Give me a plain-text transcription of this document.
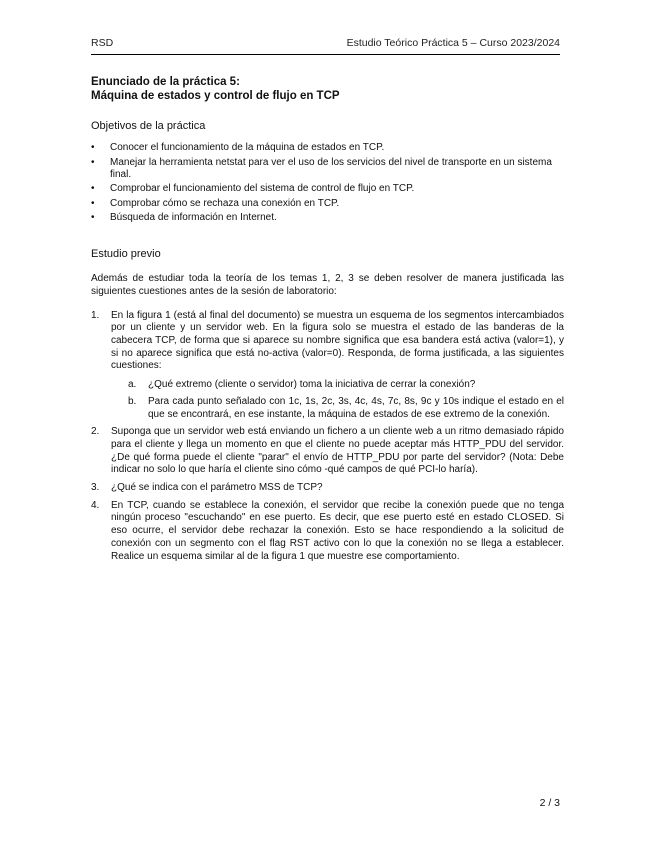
RSD	Estudio Teórico Práctica 5 – Curso 2023/2024
Enunciado de la práctica 5:
Máquina de estados y control de flujo en TCP
Objetivos de la práctica
• Conocer el funcionamiento de la máquina de estados en TCP.
• Manejar la herramienta netstat para ver el uso de los servicios del nivel de transporte en un sistema final.
• Comprobar el funcionamiento del sistema de control de flujo en TCP.
• Comprobar cómo se rechaza una conexión en TCP.
• Búsqueda de información en Internet.
Estudio previo

Además de estudiar toda la teoría de los temas 1, 2, 3 se deben resolver de manera justificada las siguientes cuestiones antes de la sesión de laboratorio:

1. En la figura 1 (está al final del documento) se muestra un esquema de los segmentos intercambiados por un cliente y un servidor web. En la figura solo se muestra el estado de las banderas de la cabecera TCP, de forma que si aparece su nombre significa que esa bandera está activa (valor=1), y si no aparece significa que está no-activa (valor=0). Responda, de forma justificada, a las siguientes cuestiones:
a. ¿Qué extremo (cliente o servidor) toma la iniciativa de cerrar la conexión?
b. Para cada punto señalado con 1c, 1s, 2c, 3s, 4c, 4s, 7c, 8s, 9c y 10s indique el estado en el que se encontrará, en ese instante, la máquina de estados de ese extremo de la conexión.
2. Suponga que un servidor web está enviando un fichero a un cliente web a un ritmo demasiado rápido para el cliente y llega un momento en que el cliente no puede aceptar más HTTP_PDU del servidor. ¿De qué forma puede el cliente "parar" el envío de HTTP_PDU por parte del servidor? (Nota: Debe indicar no solo lo que haría el cliente sino cómo -qué campos de qué PCI-lo haría).
3. ¿Qué se indica con el parámetro MSS de TCP?
4. En TCP, cuando se establece la conexión, el servidor que recibe la conexión puede que no tenga ningún proceso "escuchando" en ese puerto. Es decir, que ese puerto esté en estado CLOSED. Si eso ocurre, el servidor debe rechazar la conexión. Esto se hace respondiendo a la solicitud de conexión con un segmento con el flag RST activo con lo que la conexión no se llega a establecer. Realice un esquema similar al de la figura 1 que muestre ese comportamiento.
2 / 3
